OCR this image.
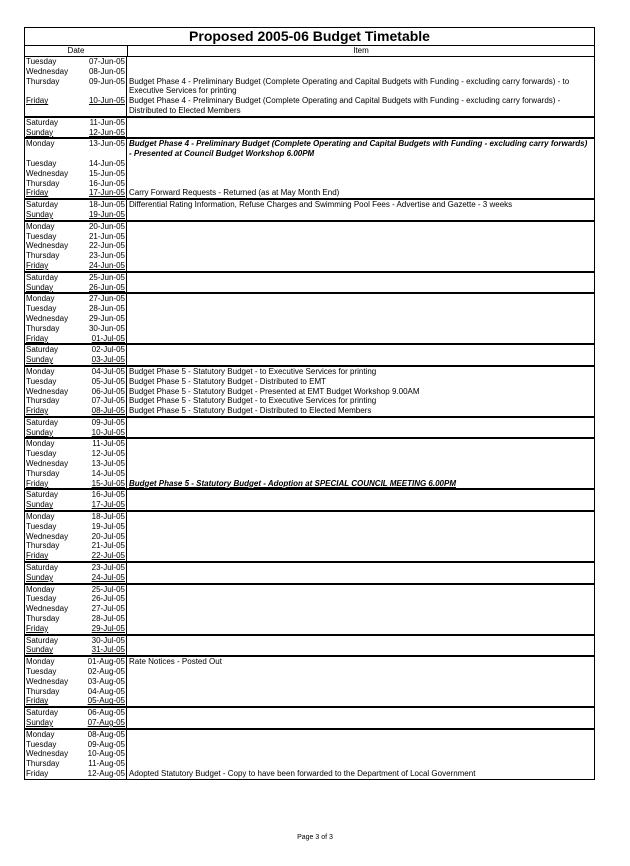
Proposed 2005-06 Budget Timetable
Date	Item
Tuesday	07-Jun-05
Wednesday	08-Jun-05
Thursday	09-Jun-05 Budget Phase 4 - Preliminary Budget (Complete Operating and Capital Budgets with Funding - excluding carry forwards) - to Executive Services for printing
Friday	10-Jun-05 Budget Phase 4 - Preliminary Budget (Complete Operating and Capital Budgets with Funding - excluding carry forwards) - Distributed to Elected Members
Saturday	11-Jun-05
Sunday	12-Jun-05
Monday	13-Jun-05 Budget Phase 4 - Preliminary Budget (Complete Operating and Capital Budgets with Funding - excluding carry forwards) - Presented at Council Budget Workshop 6.00PM
Tuesday	14-Jun-05
Wednesday	15-Jun-05
Thursday	16-Jun-05
Friday	17-Jun-05 Carry Forward Requests - Returned (as at May Month End)
Saturday	18-Jun-05 Differential Rating Information, Refuse Charges and Swimming Pool Fees - Advertise and Gazette - 3 weeks
Sunday	19-Jun-05
Monday	20-Jun-05
Tuesday	21-Jun-05
Wednesday	22-Jun-05
Thursday	23-Jun-05
Friday	24-Jun-05
Saturday	25-Jun-05
Sunday	26-Jun-05
Monday	27-Jun-05
Tuesday	28-Jun-05
Wednesday	29-Jun-05
Thursday	30-Jun-05
Friday	01-Jul-05
Saturday	02-Jul-05
Sunday	03-Jul-05
Monday	04-Jul-05 Budget Phase 5 - Statutory Budget - to Executive Services for printing
Tuesday	05-Jul-05 Budget Phase 5 - Statutory Budget - Distributed to EMT
Wednesday	06-Jul-05 Budget Phase 5 - Statutory Budget - Presented at EMT Budget Workshop 9.00AM
Thursday	07-Jul-05 Budget Phase 5 - Statutory Budget - to Executive Services for printing
Friday	08-Jul-05 Budget Phase 5 - Statutory Budget - Distributed to Elected Members
Saturday	09-Jul-05
Sunday	10-Jul-05
Monday	11-Jul-05
Tuesday	12-Jul-05
Wednesday	13-Jul-05
Thursday	14-Jul-05
Friday	15-Jul-05 Budget Phase 5 - Statutory Budget - Adoption at SPECIAL COUNCIL MEETING 6.00PM
Saturday	16-Jul-05
Sunday	17-Jul-05
Monday	18-Jul-05
Tuesday	19-Jul-05
Wednesday	20-Jul-05
Thursday	21-Jul-05
Friday	22-Jul-05
Saturday	23-Jul-05
Sunday	24-Jul-05
Monday	25-Jul-05
Tuesday	26-Jul-05
Wednesday	27-Jul-05
Thursday	28-Jul-05
Friday	29-Jul-05
Saturday	30-Jul-05
Sunday	31-Jul-05
Monday	01-Aug-05 Rate Notices - Posted Out
Tuesday	02-Aug-05
Wednesday	03-Aug-05
Thursday	04-Aug-05
Friday	05-Aug-05
Saturday	06-Aug-05
Sunday	07-Aug-05
Monday	08-Aug-05
Tuesday	09-Aug-05
Wednesday	10-Aug-05
Thursday	11-Aug-05
Friday	12-Aug-05 Adopted Statutory Budget - Copy to have been forwarded to the Department of Local Government
Page 3 of 3
